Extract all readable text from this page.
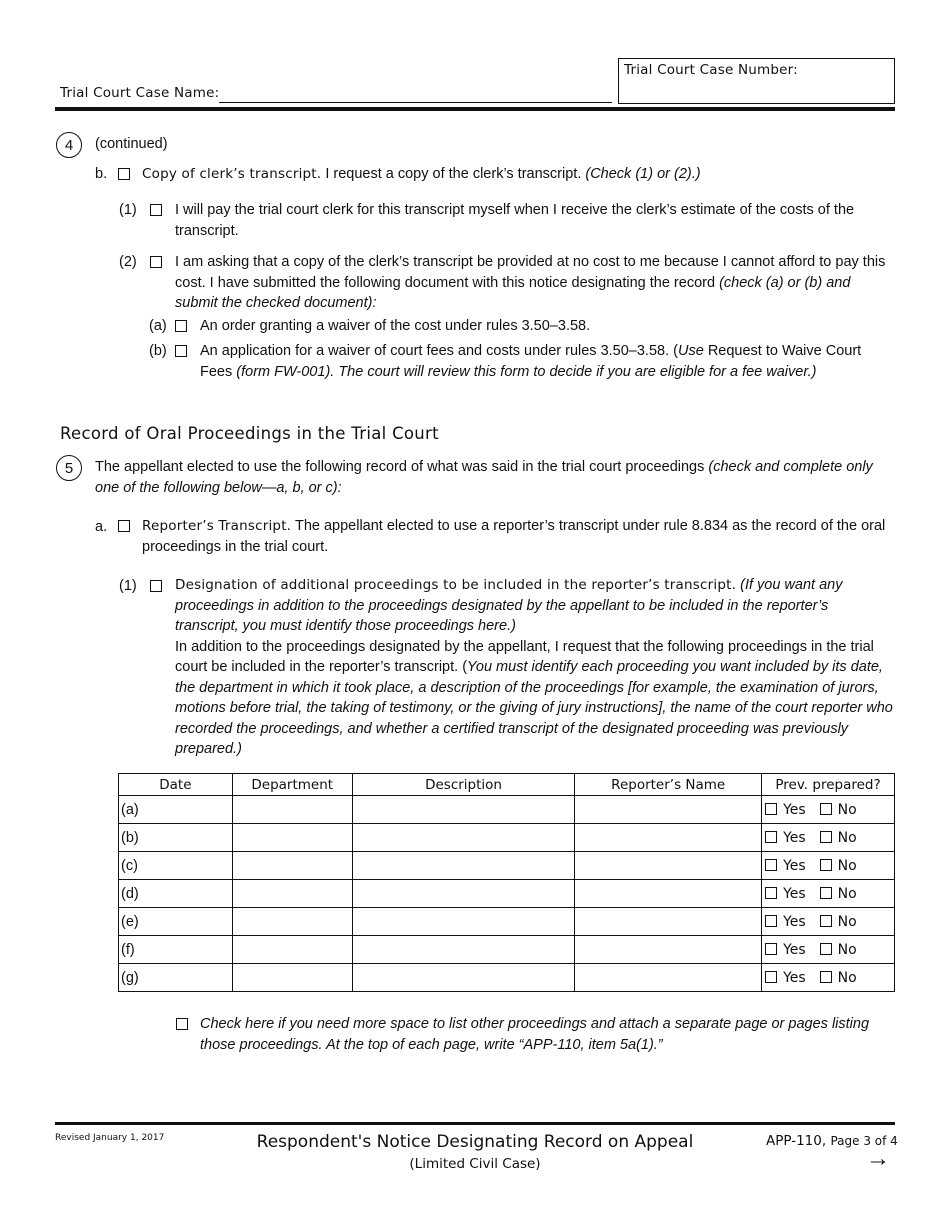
Trial Court Case Name:
Trial Court Case Number:
4	(continued)
b.	Copy of clerk’s transcript. I request a copy of the clerk’s transcript. (Check (1) or (2).)
(1)	I will pay the trial court clerk for this transcript myself when I receive the clerk’s estimate of the costs of the transcript.
(2)	I am asking that a copy of the clerk’s transcript be provided at no cost to me because I cannot afford to pay this cost. I have submitted the following document with this notice designating the record (check (a) or (b) and submit the checked document):
(a) An order granting a waiver of the cost under rules 3.50–3.58.
(b) An application for a waiver of court fees and costs under rules 3.50–3.58. (Use Request to Waive Court Fees (form FW-001). The court will review this form to decide if you are eligible for a fee waiver.)
Record of Oral Proceedings in the Trial Court
5	The appellant elected to use the following record of what was said in the trial court proceedings (check and complete only one of the following below—a, b, or c):
a.	Reporter’s Transcript. The appellant elected to use a reporter’s transcript under rule 8.834 as the record of the oral proceedings in the trial court.
(1)	Designation of additional proceedings to be included in the reporter’s transcript. (If you want any proceedings in addition to the proceedings designated by the appellant to be included in the reporter’s transcript, you must identify those proceedings here.)
In addition to the proceedings designated by the appellant, I request that the following proceedings in the trial court be included in the reporter’s transcript. (You must identify each proceeding you want included by its date, the department in which it took place, a description of the proceedings [for example, the examination of jurors, motions before trial, the taking of testimony, or the giving of jury instructions], the name of the court reporter who recorded the proceedings, and whether a certified transcript of the designated proceeding was previously prepared.)
Date	Department	Description	Reporter’s Name	Prev. prepared?
(a)				Yes No
(b)				Yes No
(c)				Yes No
(d)				Yes No
(e)				Yes No
(f)				Yes No
(g)				Yes No
Check here if you need more space to list other proceedings and attach a separate page or pages listing those proceedings. At the top of each page, write “APP-110, item 5a(1).”
Revised January 1, 2017	Respondent's Notice Designating Record on Appeal
(Limited Civil Case)
APP-110, Page 3 of 4
→
